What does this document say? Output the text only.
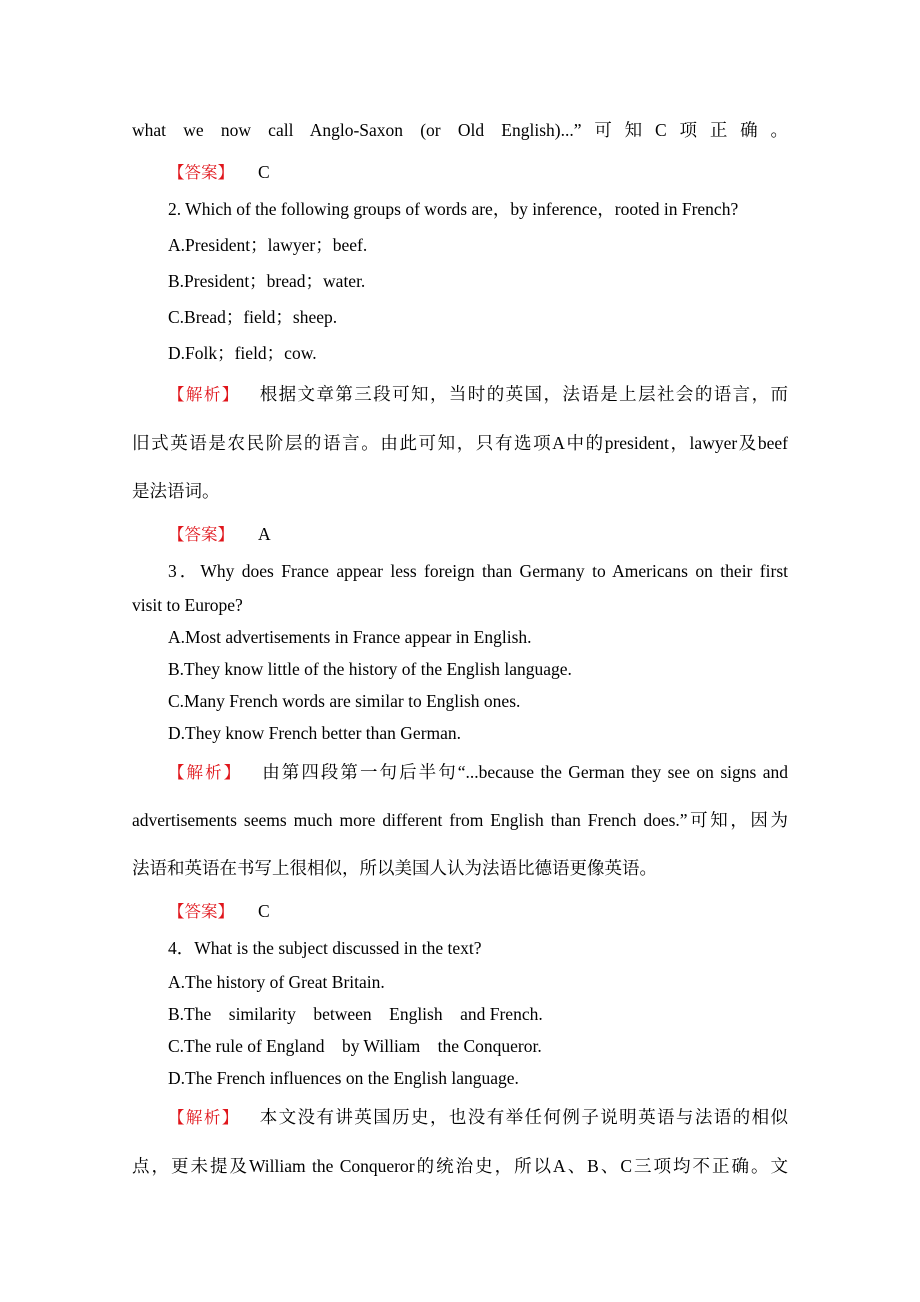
what we now call Anglo-Saxon (or Old English)...”可知C项正确。
【答案】 C
2. Which of the following groups of words are，by inference，rooted in French?
A.President；lawyer；beef.
B.President；bread；water.
C.Bread；field；sheep.
D.Folk；field；cow.
【解析】 根据文章第三段可知，当时的英国，法语是上层社会的语言，而
旧式英语是农民阶层的语言。由此可知，只有选项A中的president，lawyer及beef
是法语词。
【答案】 A
3．Why does France appear less foreign than Germany to Americans on their first
visit to Europe?
A.Most advertisements in France appear in English.
B.They know little of the history of the English language.
C.Many French words are similar to English ones.
D.They know French better than German.
【解析】 由第四段第一句后半句“...because the German they see on signs and
advertisements seems much more different from English than French does.”可知，因为
法语和英语在书写上很相似，所以美国人认为法语比德语更像英语。
【答案】 C
4．What is the subject discussed in the text?
A.The history of Great Britain.
B.The    similarity    between    English    and French.
C.The rule of England    by William    the Conqueror.
D.The French influences on the English language.
【解析】 本文没有讲英国历史，也没有举任何例子说明英语与法语的相似
点，更未提及William the Conqueror的统治史，所以A、B、C三项均不正确。文
